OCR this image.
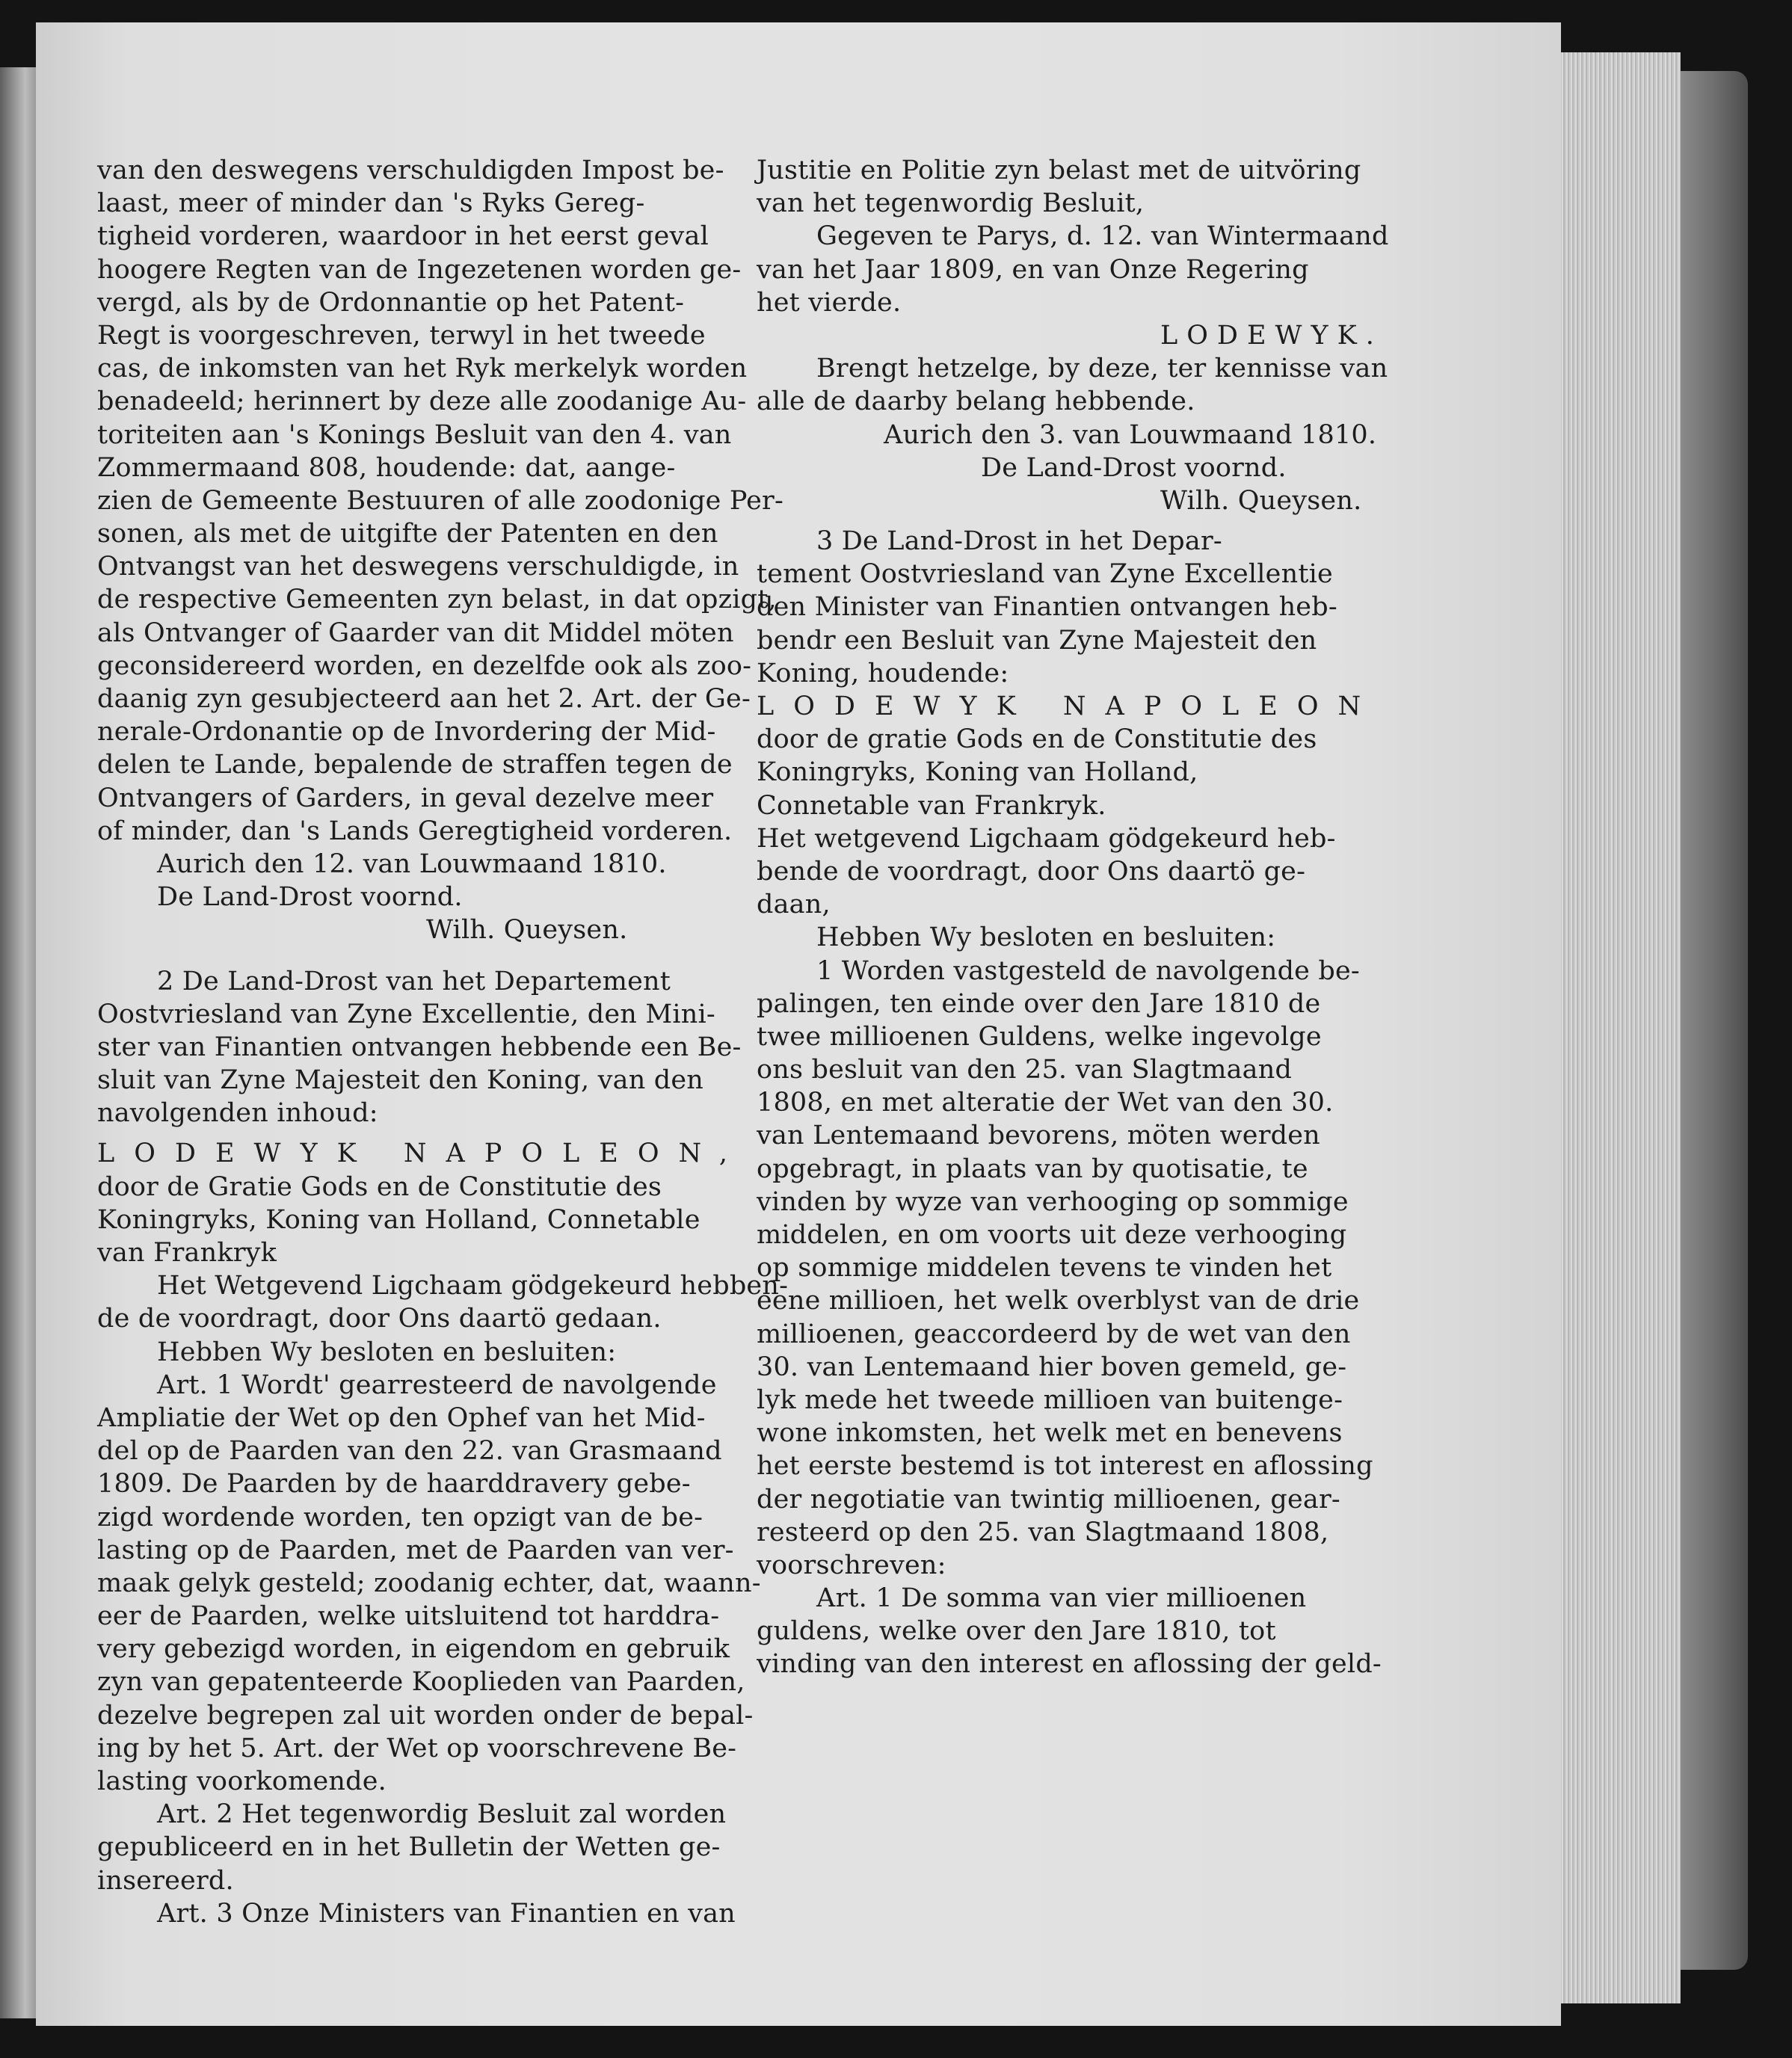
van den deswegens verschuldigden Impost be-
laast, meer of minder dan 's Ryks Gereg-
tigheid vorderen, waardoor in het eerst geval
hoogere Regten van de Ingezetenen worden ge-
vergd, als by de Ordonnantie op het Patent-
Regt is voorgeschreven, terwyl in het tweede
cas, de inkomsten van het Ryk merkelyk worden
benadeeld; herinnert by deze alle zoodanige Au-
toriteiten aan 's Konings Besluit van den 4. van
Zommermaand 808, houdende: dat, aange-
zien de Gemeente Bestuuren of alle zoodonige Per-
sonen, als met de uitgifte der Patenten en den
Ontvangst van het deswegens verschuldigde, in
de respective Gemeenten zyn belast, in dat opzigt,
als Ontvanger of Gaarder van dit Middel möten
geconsidereerd worden, en dezelfde ook als zoo-
daanig zyn gesubjecteerd aan het 2. Art. der Ge-
nerale-Ordonantie op de Invordering der Mid-
delen te Lande, bepalende de straffen tegen de
Ontvangers of Garders, in geval dezelve meer
of minder, dan 's Lands Geregtigheid vorderen.
Aurich den 12. van Louwmaand 1810.
De Land-Drost voornd.
Wilh. Queysen.
2 De Land-Drost van het Departement
Oostvriesland van Zyne Excellentie, den Mini-
ster van Finantien ontvangen hebbende een Be-
sluit van Zyne Majesteit den Koning, van den
navolgenden inhoud:
LODEWYK NAPOLEON,
door de Gratie Gods en de Constitutie des
Koningryks, Koning van Holland, Connetable
van Frankryk
Het Wetgevend Ligchaam gödgekeurd hebben-
de de voordragt, door Ons daartö gedaan.
Hebben Wy besloten en besluiten:
Art. 1 Wordt' gearresteerd de navolgende
Ampliatie der Wet op den Ophef van het Mid-
del op de Paarden van den 22. van Grasmaand
1809. De Paarden by de haarddravery gebe-
zigd wordende worden, ten opzigt van de be-
lasting op de Paarden, met de Paarden van ver-
maak gelyk gesteld; zoodanig echter, dat, waann-
eer de Paarden, welke uitsluitend tot harddra-
very gebezigd worden, in eigendom en gebruik
zyn van gepatenteerde Kooplieden van Paarden,
dezelve begrepen zal uit worden onder de bepal-
ing by het 5. Art. der Wet op voorschrevene Be-
lasting voorkomende.
Art. 2 Het tegenwordig Besluit zal worden
gepubliceerd en in het Bulletin der Wetten ge-
insereerd.
Art. 3 Onze Ministers van Finantien en van
Justitie en Politie zyn belast met de uitvöring
van het tegenwordig Besluit,
Gegeven te Parys, d. 12. van Wintermaand
van het Jaar 1809, en van Onze Regering
het vierde.
LODEWYK.
Brengt hetzelge, by deze, ter kennisse van
alle de daarby belang hebbende.
Aurich den 3. van Louwmaand 1810.
De Land-Drost voornd.
Wilh. Queysen.
3 De Land-Drost in het Depar-
tement Oostvriesland van Zyne Excellentie
den Minister van Finantien ontvangen heb-
bendr een Besluit van Zyne Majesteit den
Koning, houdende:
LODEWYK NAPOLEON
door de gratie Gods en de Constitutie des
Koningryks, Koning van Holland,
Connetable van Frankryk.
Het wetgevend Ligchaam gödgekeurd heb-
bende de voordragt, door Ons daartö ge-
daan,
Hebben Wy besloten en besluiten:
1 Worden vastgesteld de navolgende be-
palingen, ten einde over den Jare 1810 de
twee millioenen Guldens, welke ingevolge
ons besluit van den 25. van Slagtmaand
1808, en met alteratie der Wet van den 30.
van Lentemaand bevorens, möten werden
opgebragt, in plaats van by quotisatie, te
vinden by wyze van verhooging op sommige
middelen, en om voorts uit deze verhooging
op sommige middelen tevens te vinden het
eene millioen, het welk overblyst van de drie
millioenen, geaccordeerd by de wet van den
30. van Lentemaand hier boven gemeld, ge-
lyk mede het tweede millioen van buitenge-
wone inkomsten, het welk met en benevens
het eerste bestemd is tot interest en aflossing
der negotiatie van twintig millioenen, gear-
resteerd op den 25. van Slagtmaand 1808,
voorschreven:
Art. 1 De somma van vier millioenen
guldens, welke over den Jare 1810, tot
vinding van den interest en aflossing der geld-
